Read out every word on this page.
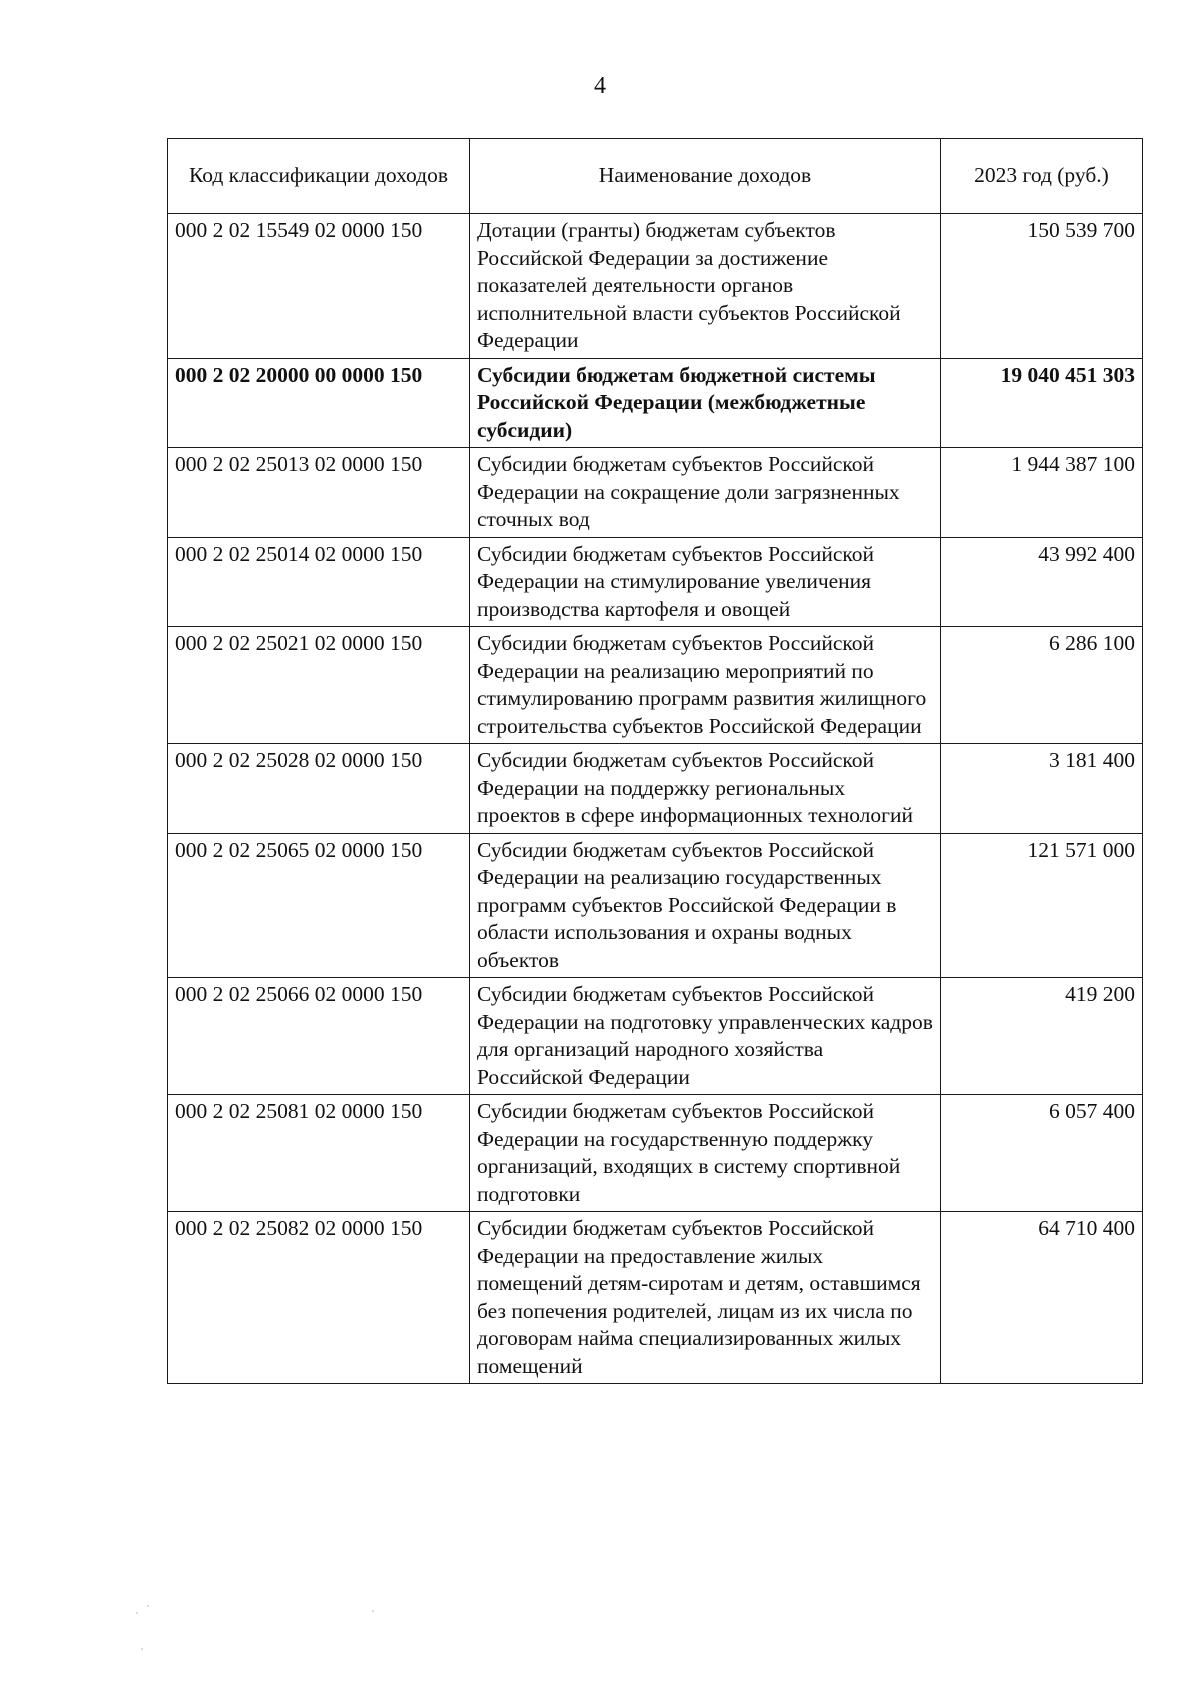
4
Код классификации доходов	Наименование доходов	2023 год (руб.)
000 2 02 15549 02 0000 150	Дотации (гранты) бюджетам субъектов Российской Федерации за достижение показателей деятельности органов исполнительной власти субъектов Российской Федерации	150 539 700
000 2 02 20000 00 0000 150	Субсидии бюджетам бюджетной системы Российской Федерации (межбюджетные субсидии)	19 040 451 303
000 2 02 25013 02 0000 150	Субсидии бюджетам субъектов Российской Федерации на сокращение доли загрязненных сточных вод	1 944 387 100
000 2 02 25014 02 0000 150	Субсидии бюджетам субъектов Российской Федерации на стимулирование увеличения производства картофеля и овощей	43 992 400
000 2 02 25021 02 0000 150	Субсидии бюджетам субъектов Российской Федерации на реализацию мероприятий по стимулированию программ развития жилищного строительства субъектов Российской Федерации	6 286 100
000 2 02 25028 02 0000 150	Субсидии бюджетам субъектов Российской Федерации на поддержку региональных проектов в сфере информационных технологий	3 181 400
000 2 02 25065 02 0000 150	Субсидии бюджетам субъектов Российской Федерации на реализацию государственных программ субъектов Российской Федерации в области использования и охраны водных объектов	121 571 000
000 2 02 25066 02 0000 150	Субсидии бюджетам субъектов Российской Федерации на подготовку управленческих кадров для организаций народного хозяйства Российской Федерации	419 200
000 2 02 25081 02 0000 150	Субсидии бюджетам субъектов Российской Федерации на государственную поддержку организаций, входящих в систему спортивной подготовки	6 057 400
000 2 02 25082 02 0000 150	Субсидии бюджетам субъектов Российской Федерации на предоставление жилых помещений детям-сиротам и детям, оставшимся без попечения родителей, лицам из их числа по договорам найма специализированных жилых помещений	64 710 400
